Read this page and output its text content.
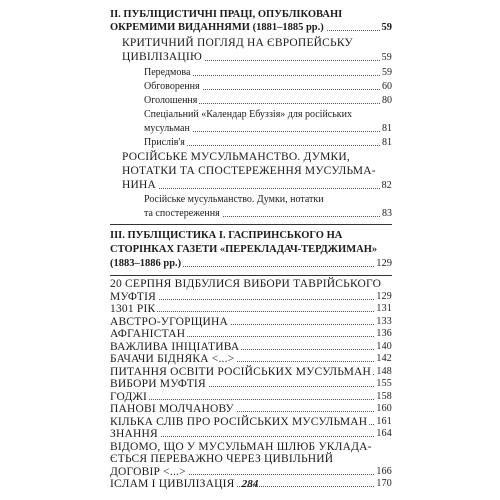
II. ПУБЛІЦИСТИЧНІ ПРАЦІ, ОПУБЛІКОВАНІ
ОКРЕМИМИ ВИДАННЯМИ (1881–1885 рр.)	59
КРИТИЧНИЙ ПОГЛЯД НА ЄВРОПЕЙСЬКУ
ЦИВІЛІЗАЦІЮ	59
Передмова	59
Обговорення	60
Оголошення	80
Спеціальний «Календар Ебуззія» для російських
мусульман	81
Прислів'я	81
РОСІЙСЬКЕ МУСУЛЬМАНСТВО. ДУМКИ,
НОТАТКИ ТА СПОСТЕРЕЖЕННЯ МУСУЛЬМА-
НИНА	82
Російське мусульманство. Думки, нотатки
та спостереження	83
III. ПУБЛІЦИСТИКА І. ГАСПРИНСЬКОГО НА
СТОРІНКАХ ГАЗЕТИ «ПЕРЕКЛАДАЧ-ТЕРДЖИМАН»
(1883–1886 рр.)	129
20 СЕРПНЯ ВІДБУЛИСЯ ВИБОРИ ТАВРІЙСЬКОГО
МУФТІЯ	129
1301 РІК	131
АВСТРО-УГОРЩИНА	133
АФГАНІСТАН	136
ВАЖЛИВА ІНІЦІАТИВА	140
БАЧАЧИ БІДНЯКА <...>	142
ПИТАННЯ ОСВІТИ РОСІЙСЬКИХ МУСУЛЬМАН 148
ВИБОРИ МУФТІЯ	155
ГОДЖІ	158
ПАНОВІ МОЛЧАНОВУ	160
КІЛЬКА СЛІВ ПРО РОСІЙСЬКИХ МУСУЛЬМАН 161
ЗНАННЯ	164
ВІДОМО, ЩО У МУСУЛЬМАН ШЛЮБ УКЛАДА-
ЄТЬСЯ ПЕРЕВАЖНО ЧЕРЕЗ ЦИВІЛЬНИЙ
ДОГОВІР <...>	166
ІСЛАМ І ЦИВІЛІЗАЦІЯ	170
284
